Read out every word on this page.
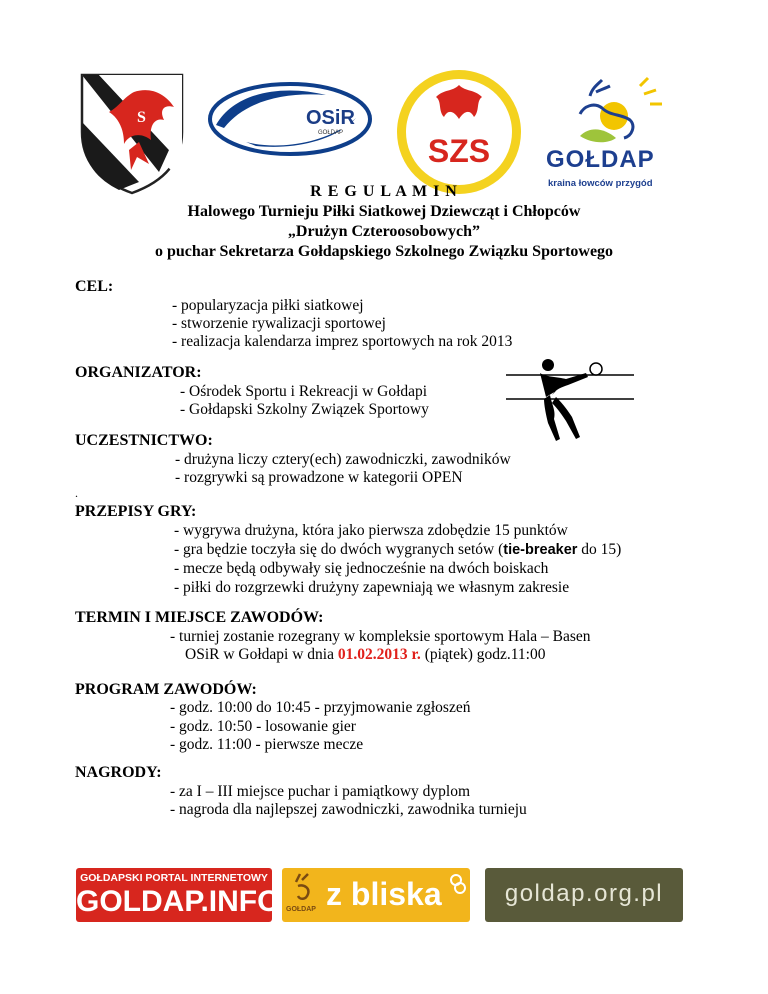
S	OSiR
GOŁDAP	SZS GOŁDAP
kraina łowców przygód
R E G U L A M I N
Halowego Turnieju Piłki Siatkowej Dziewcząt i Chłopców
„Drużyn Czteroosobowych”
o puchar Sekretarza Gołdapskiego Szkolnego Związku Sportowego
CEL:
- popularyzacja piłki siatkowej
- stworzenie rywalizacji sportowej
- realizacja kalendarza imprez sportowych na rok 2013
ORGANIZATOR:
- Ośrodek Sportu i Rekreacji w Gołdapi
- Gołdapski Szkolny Związek Sportowy
UCZESTNICTWO:
- drużyna liczy cztery(ech) zawodniczki, zawodników
- rozgrywki są prowadzone w kategorii OPEN
.
PRZEPISY GRY:
- wygrywa drużyna, która jako pierwsza zdobędzie 15 punktów
- gra będzie toczyła się do dwóch wygranych setów (tie-breaker do 15)
- mecze będą odbywały się jednocześnie na dwóch boiskach
- piłki do rozgrzewki drużyny zapewniają we własnym zakresie
TERMIN I MIEJSCE ZAWODÓW:
- turniej zostanie rozegrany w kompleksie sportowym Hala – Basen
OSiR w Gołdapi w dnia 01.02.2013 r. (piątek) godz.11:00
PROGRAM ZAWODÓW:
- godz. 10:00 do 10:45 - przyjmowanie zgłoszeń
- godz. 10:50 - losowanie gier
- godz. 11:00 - pierwsze mecze
NAGRODY:
- za I – III miejsce puchar i pamiątkowy dyplom
- nagroda dla najlepszej zawodniczki, zawodnika turnieju
GOŁDAPSKI PORTAL INTERNETOWY
GOLDAP.INFO GOŁDAP z bliska	goldap.org.pl
